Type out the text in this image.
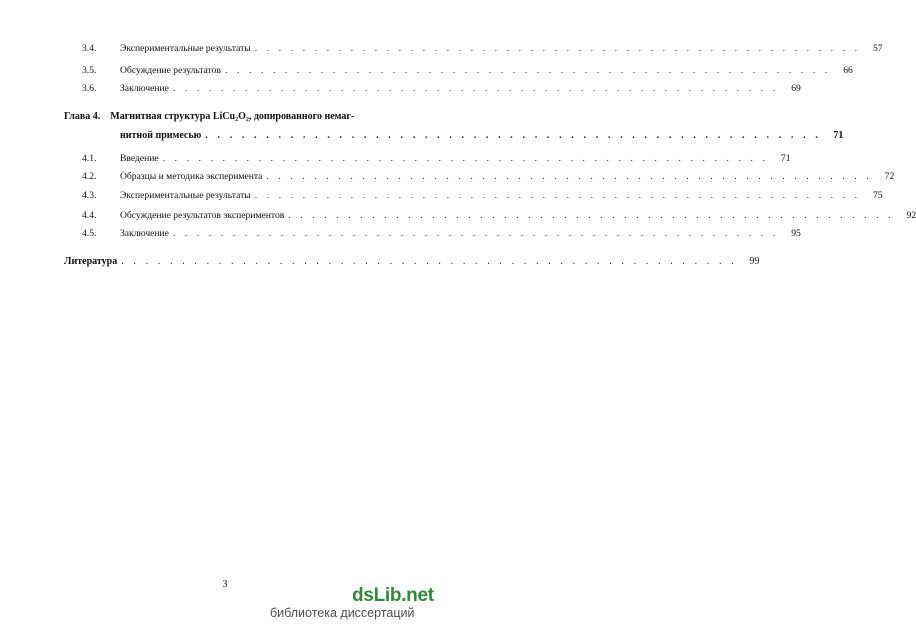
3.4.	Экспериментальные результаты . . . . . . . . . . . . . . . . . . . . . . . . . . . . . . . . . . . . . . . . . . . . . . . . . . .	57
3.5.	Обсуждение результатов . . . . . . . . . . . . . . . . . . . . . . . . . . . . . . . . . . . . . . . . . . . . . . . . . . .	66
3.6.	Заключение . . . . . . . . . . . . . . . . . . . . . . . . . . . . . . . . . . . . . . . . . . . . . . . . . . .	69
Глава 4. Магнитная структура LiCu₂O₂, допированного немаг-
нитной примесью . . . . . . . . . . . . . . . . . . . . . . . . . . . . . . . . . . . . . . . . . . . . . . . . . . .	71
4.1.	Введение . . . . . . . . . . . . . . . . . . . . . . . . . . . . . . . . . . . . . . . . . . . . . . . . . . .	71
4.2.	Образцы и методика эксперимента . . . . . . . . . . . . . . . . . . . . . . . . . . . . . . . . . . . . . . . . . . . . . . . . . . .	72
4.3.	Экспериментальные результаты . . . . . . . . . . . . . . . . . . . . . . . . . . . . . . . . . . . . . . . . . . . . . . . . . . .	75
4.4.	Обсуждение результатов экспериментов . . . . . . . . . . . . . . . . . . . . . . . . . . . . . . . . . . . . . . . . . . . . . . . . . . .	92
4.5.	Заключение . . . . . . . . . . . . . . . . . . . . . . . . . . . . . . . . . . . . . . . . . . . . . . . . . . .	95
Литература . . . . . . . . . . . . . . . . . . . . . . . . . . . . . . . . . . . . . . . . . . . . . . . . . . .	99
3
dsLib.net
библиотека диссертаций
